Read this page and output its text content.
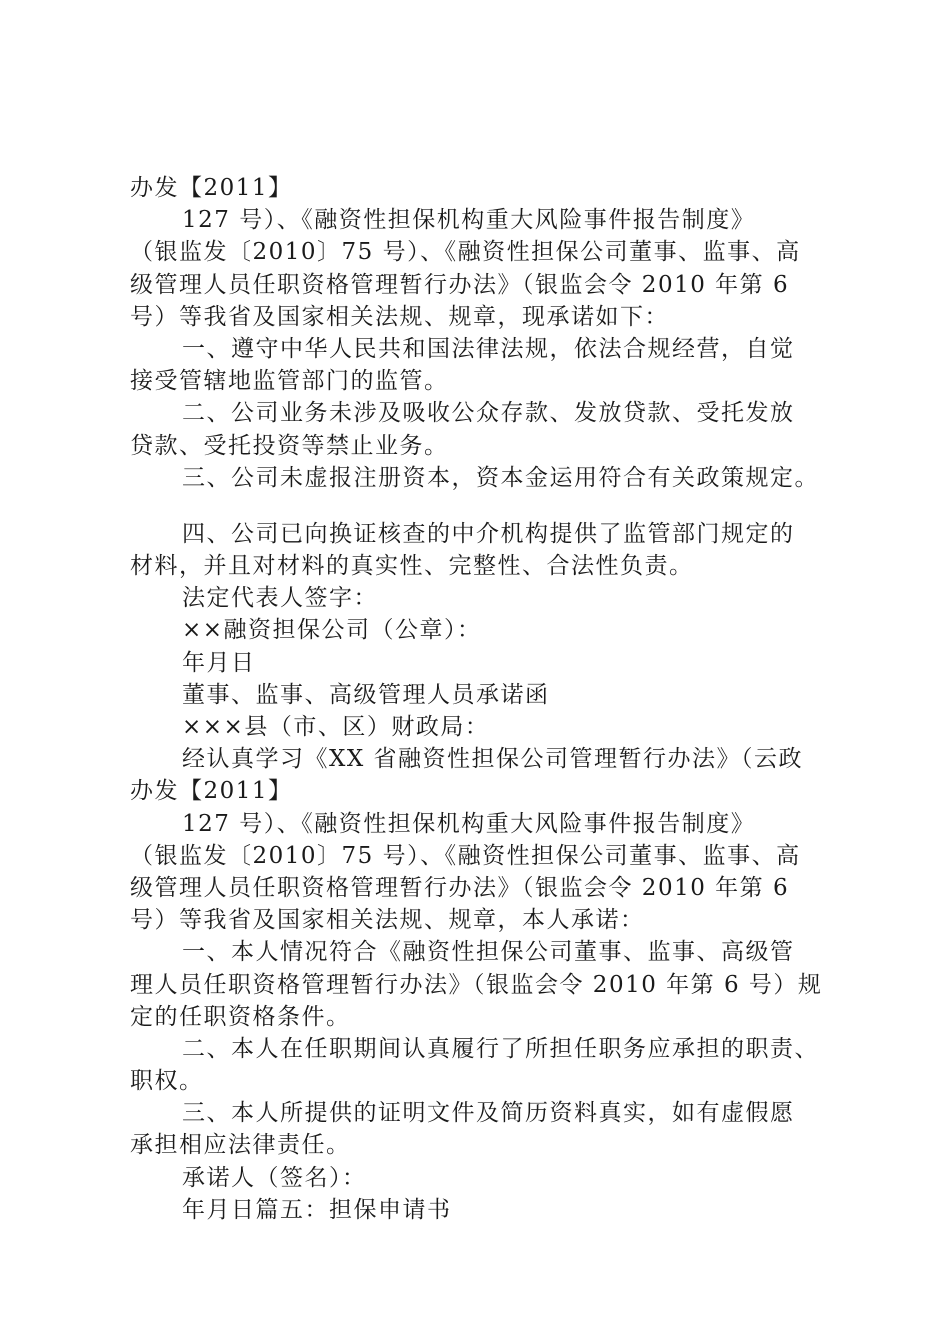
办发【2011】
127 号）、《融资性担保机构重大风险事件报告制度》
（银监发〔2010〕75 号）、《融资性担保公司董事、监事、高
级管理人员任职资格管理暂行办法》（银监会令 2010 年第 6
号）等我省及国家相关法规、规章，现承诺如下：
一、遵守中华人民共和国法律法规，依法合规经营，自觉
接受管辖地监管部门的监管。
二、公司业务未涉及吸收公众存款、发放贷款、受托发放
贷款、受托投资等禁止业务。
三、公司未虚报注册资本，资本金运用符合有关政策规定。
四、公司已向换证核查的中介机构提供了监管部门规定的
材料，并且对材料的真实性、完整性、合法性负责。
法定代表人签字：
××融资担保公司（公章）：
年月日
董事、监事、高级管理人员承诺函
×××县（市、区）财政局：
经认真学习《XX 省融资性担保公司管理暂行办法》（云政
办发【2011】
127 号）、《融资性担保机构重大风险事件报告制度》
（银监发〔2010〕75 号）、《融资性担保公司董事、监事、高
级管理人员任职资格管理暂行办法》（银监会令 2010 年第 6
号）等我省及国家相关法规、规章，本人承诺：
一、本人情况符合《融资性担保公司董事、监事、高级管
理人员任职资格管理暂行办法》（银监会令 2010 年第 6 号）规
定的任职资格条件。
二、本人在任职期间认真履行了所担任职务应承担的职责、
职权。
三、本人所提供的证明文件及简历资料真实，如有虚假愿
承担相应法律责任。
承诺人（签名）：
年月日篇五：担保申请书
